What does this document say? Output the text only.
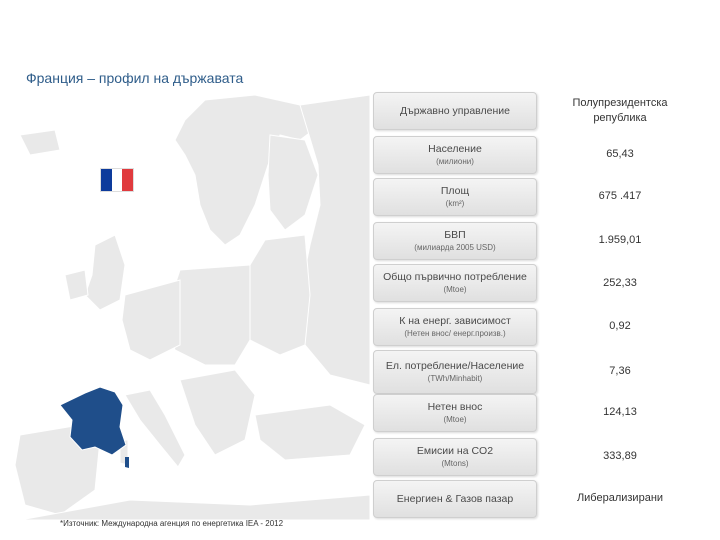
Франция – профил на държавата
Държавно управление
Полупрезидентска република
Население
(милиони)
65,43
Площ
(km²)
675 .417
БВП
(милиарда 2005 USD)
1.959,01
Общо първично потребление
(Mtoe)	252,33
К на енерг. зависимост
(Нетен внос/ енерг.произв.)
0,92
Ел. потребление/Население
(TWh/Minhabit)
7,36
Нетен внос
(Mtoe)
124,13
Емисии на CO2
(Mtons)
333,89
Енергиен & Газов пазар	Либерализирани
*Източник: Международна агенция по енергетика IEA - 2012
